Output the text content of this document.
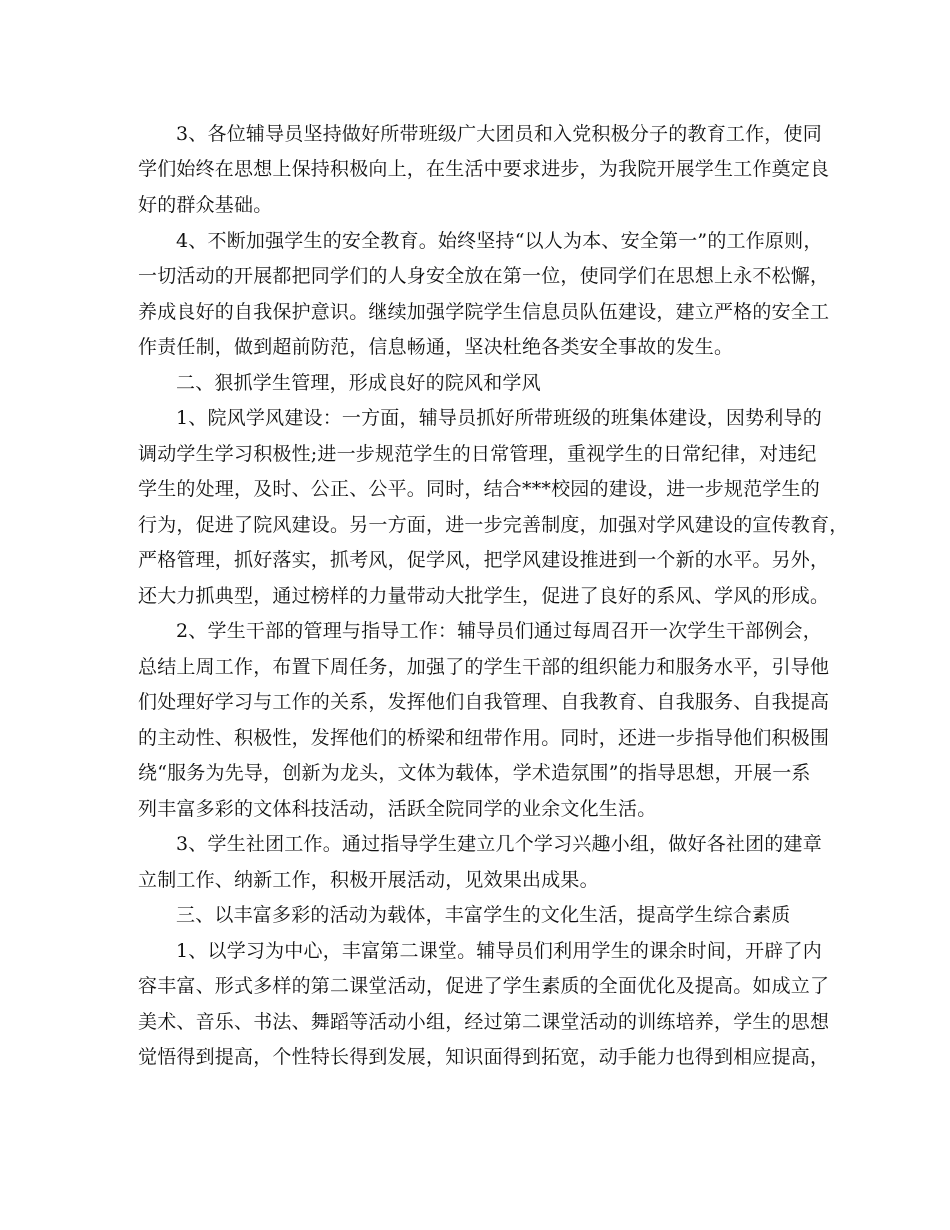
3、各位辅导员坚持做好所带班级广大团员和入党积极分子的教育工作，使同
学们始终在思想上保持积极向上，在生活中要求进步，为我院开展学生工作奠定良
好的群众基础。
4、不断加强学生的安全教育。始终坚持“以人为本、安全第一”的工作原则，
一切活动的开展都把同学们的人身安全放在第一位，使同学们在思想上永不松懈，
养成良好的自我保护意识。继续加强学院学生信息员队伍建设，建立严格的安全工
作责任制，做到超前防范，信息畅通，坚决杜绝各类安全事故的发生。
二、狠抓学生管理，形成良好的院风和学风
1、院风学风建设：一方面，辅导员抓好所带班级的班集体建设，因势利导的
调动学生学习积极性;进一步规范学生的日常管理，重视学生的日常纪律，对违纪
学生的处理，及时、公正、公平。同时，结合***校园的建设，进一步规范学生的
行为，促进了院风建设。另一方面，进一步完善制度，加强对学风建设的宣传教育，
严格管理，抓好落实，抓考风，促学风，把学风建设推进到一个新的水平。另外，
还大力抓典型，通过榜样的力量带动大批学生，促进了良好的系风、学风的形成。
2、学生干部的管理与指导工作：辅导员们通过每周召开一次学生干部例会，
总结上周工作，布置下周任务，加强了的学生干部的组织能力和服务水平，引导他
们处理好学习与工作的关系，发挥他们自我管理、自我教育、自我服务、自我提高
的主动性、积极性，发挥他们的桥梁和纽带作用。同时，还进一步指导他们积极围
绕“服务为先导，创新为龙头，文体为载体，学术造氛围”的指导思想，开展一系
列丰富多彩的文体科技活动，活跃全院同学的业余文化生活。
3、学生社团工作。通过指导学生建立几个学习兴趣小组，做好各社团的建章
立制工作、纳新工作，积极开展活动，见效果出成果。
三、以丰富多彩的活动为载体，丰富学生的文化生活，提高学生综合素质
1、以学习为中心，丰富第二课堂。辅导员们利用学生的课余时间，开辟了内
容丰富、形式多样的第二课堂活动，促进了学生素质的全面优化及提高。如成立了
美术、音乐、书法、舞蹈等活动小组，经过第二课堂活动的训练培养，学生的思想
觉悟得到提高，个性特长得到发展，知识面得到拓宽，动手能力也得到相应提高，
